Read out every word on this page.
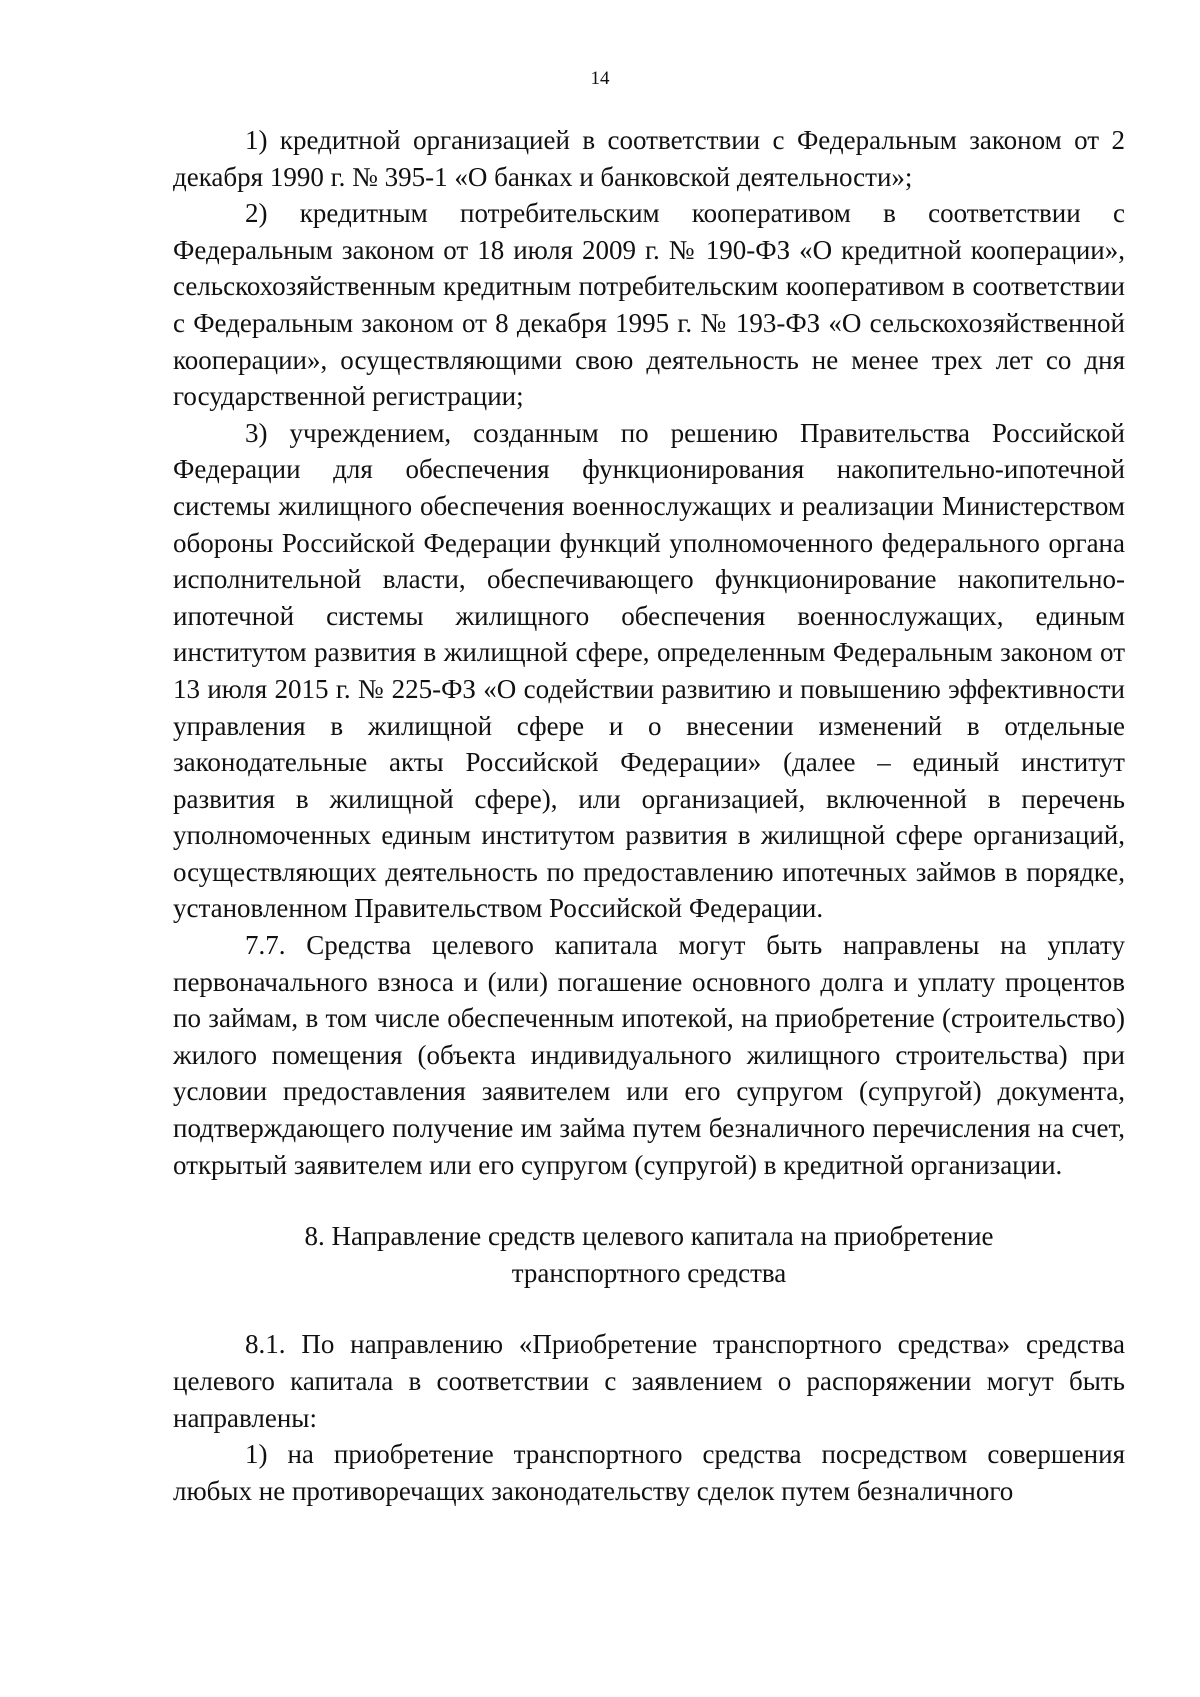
14

1) кредитной организацией в соответствии с Федеральным законом от 2 декабря 1990 г. № 395-1 «О банках и банковской деятельности»;

2) кредитным потребительским кооперативом в соответствии с Федеральным законом от 18 июля 2009 г. № 190-ФЗ «О кредитной кооперации», сельскохозяйственным кредитным потребительским кооперативом в соответствии с Федеральным законом от 8 декабря 1995 г. № 193-ФЗ «О сельскохозяйственной кооперации», осуществляющими свою деятельность не менее трех лет со дня государственной регистрации;

3) учреждением, созданным по решению Правительства Российской Федерации для обеспечения функционирования накопительно-ипотечной системы жилищного обеспечения военнослужащих и реализации Министерством обороны Российской Федерации функций уполномоченного федерального органа исполнительной власти, обеспечивающего функционирование накопительно-ипотечной системы жилищного обеспечения военнослужащих, единым институтом развития в жилищной сфере, определенным Федеральным законом от 13 июля 2015 г. № 225-ФЗ «О содействии развитию и повышению эффективности управления в жилищной сфере и о внесении изменений в отдельные законодательные акты Российской Федерации» (далее – единый институт развития в жилищной сфере), или организацией, включенной в перечень уполномоченных единым институтом развития в жилищной сфере организаций, осуществляющих деятельность по предоставлению ипотечных займов в порядке, установленном Правительством Российской Федерации.

7.7. Средства целевого капитала могут быть направлены на уплату первоначального взноса и (или) погашение основного долга и уплату процентов по займам, в том числе обеспеченным ипотекой, на приобретение (строительство) жилого помещения (объекта индивидуального жилищного строительства) при условии предоставления заявителем или его супругом (супругой) документа, подтверждающего получение им займа путем безналичного перечисления на счет, открытый заявителем или его супругом (супругой) в кредитной организации.

8. Направление средств целевого капитала на приобретение
транспортного средства

8.1. По направлению «Приобретение транспортного средства» средства целевого капитала в соответствии с заявлением о распоряжении могут быть направлены:

1) на приобретение транспортного средства посредством совершения любых не противоречащих законодательству сделок путем безналичного
